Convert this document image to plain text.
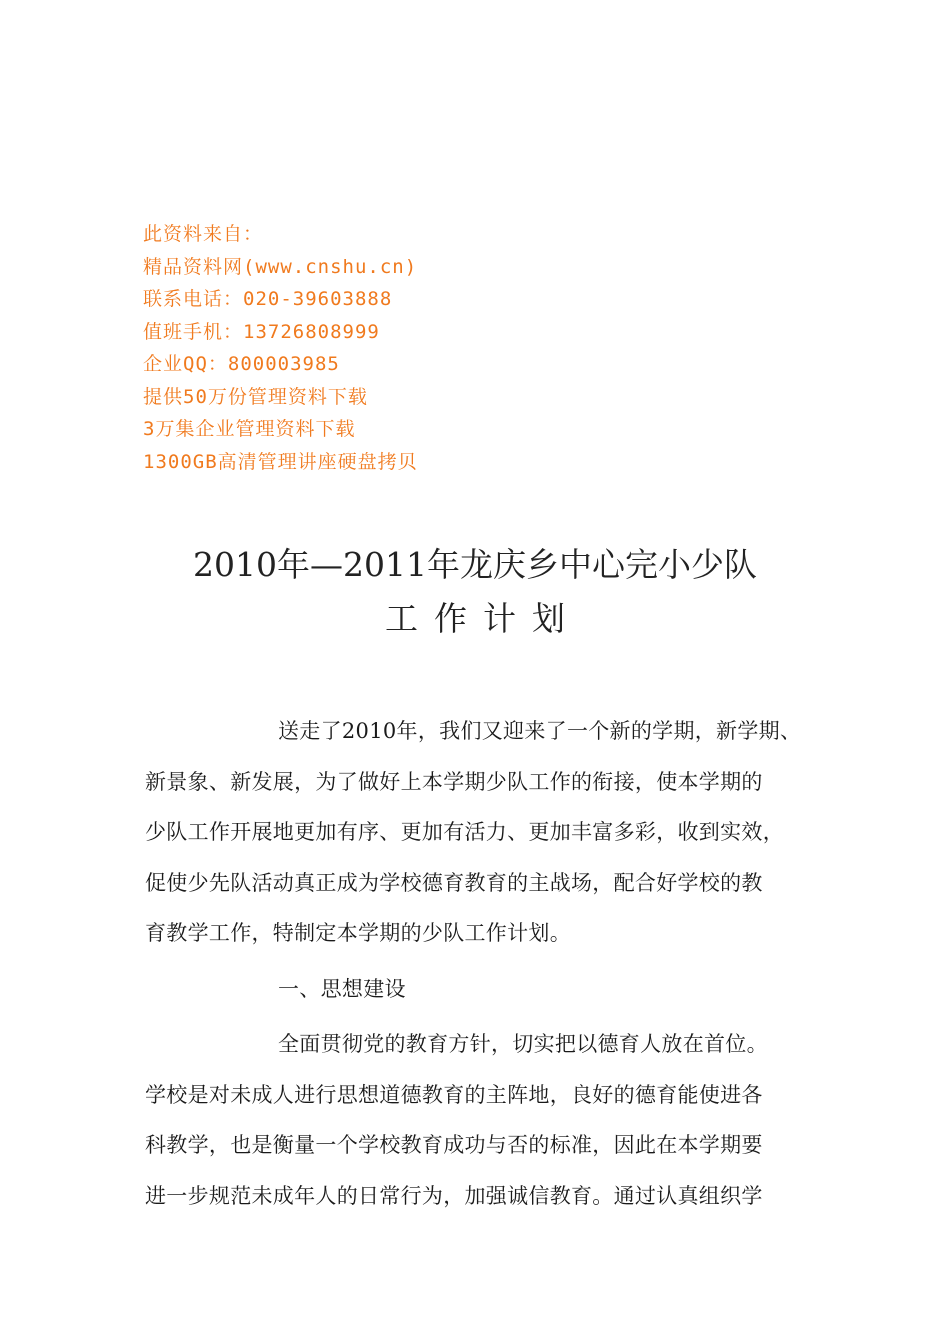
此资料来自：
精品资料网(www.cnshu.cn)
联系电话：020-39603888
值班手机：13726808999
企业QQ：800003985
提供50万份管理资料下载
3万集企业管理资料下载
1300GB高清管理讲座硬盘拷贝
2010年—2011年龙庆乡中心完小少队
工作计划
送走了2010年，我们又迎来了一个新的学期，新学期、
新景象、新发展，为了做好上本学期少队工作的衔接，使本学期的
少队工作开展地更加有序、更加有活力、更加丰富多彩，收到实效，
促使少先队活动真正成为学校德育教育的主战场，配合好学校的教
育教学工作，特制定本学期的少队工作计划。
一、思想建设
全面贯彻党的教育方针，切实把以德育人放在首位。
学校是对未成人进行思想道德教育的主阵地，良好的德育能使进各
科教学，也是衡量一个学校教育成功与否的标准，因此在本学期要
进一步规范未成年人的日常行为，加强诚信教育。通过认真组织学
